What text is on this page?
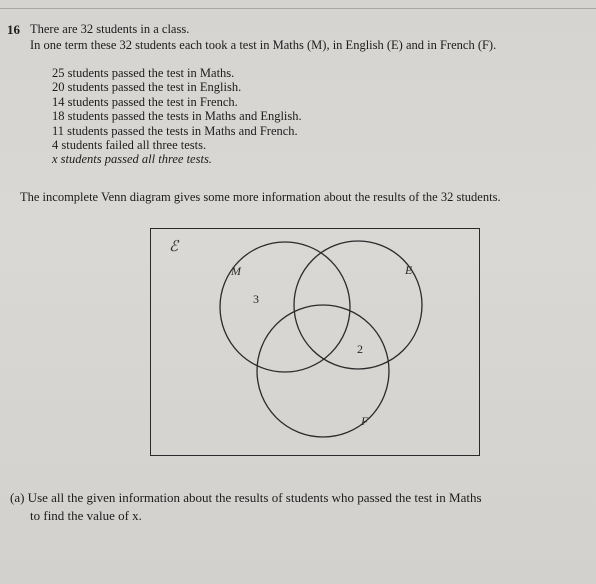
16 There are 32 students in a class.
In one term these 32 students each took a test in Maths (M), in English (E) and in French (F).
25 students passed the test in Maths.
20 students passed the test in English.
14 students passed the test in French.
18 students passed the tests in Maths and English.
11 students passed the tests in Maths and French.
4 students failed all three tests.
x students passed all three tests.
The incomplete Venn diagram gives some more information about the results of the 32 students.
ℰ
M	E
F
3
2
(a) Use all the given information about the results of students who passed the test in Maths
to find the value of x.
